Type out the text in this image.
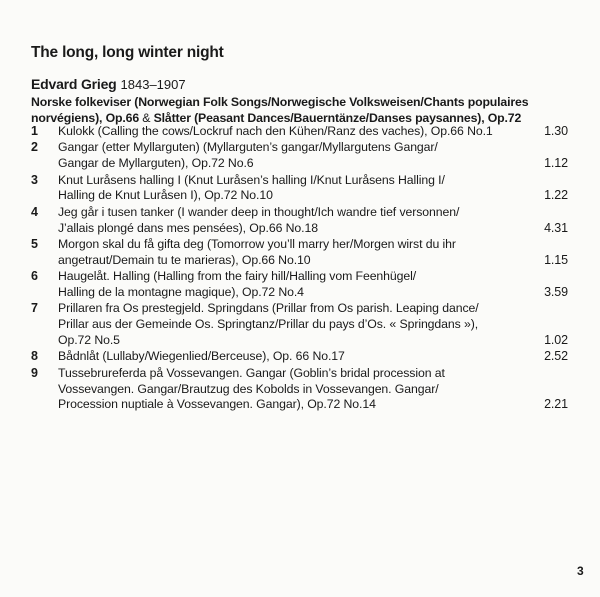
The long, long winter night
Edvard Grieg 1843–1907
Norske folkeviser (Norwegian Folk Songs/Norwegische Volksweisen/Chants populaires
norvégiens), Op.66 & Slåtter (Peasant Dances/Bauerntänze/Danses paysannes), Op.72
1	Kulokk (Calling the cows/Lockruf nach den Kühen/Ranz des vaches), Op.66 No.1	1.30
2	Gangar (etter Myllarguten) (Myllarguten’s gangar/Myllargutens Gangar/
Gangar de Myllarguten), Op.72 No.6	1.12
3	Knut Luråsens halling I (Knut Luråsen’s halling I/Knut Luråsens Halling I/
Halling de Knut Luråsen I), Op.72 No.10	1.22
4	Jeg går i tusen tanker (I wander deep in thought/Ich wandre tief versonnen/
J’allais plongé dans mes pensées), Op.66 No.18	4.31
5	Morgon skal du få gifta deg (Tomorrow you’ll marry her/Morgen wirst du ihr
angetraut/Demain tu te marieras), Op.66 No.10	1.15
6	Haugelåt. Halling (Halling from the fairy hill/Halling vom Feenhügel/
Halling de la montagne magique), Op.72 No.4	3.59
7	Prillaren fra Os prestegjeld. Springdans (Prillar from Os parish. Leaping dance/
Prillar aus der Gemeinde Os. Springtanz/Prillar du pays d’Os. « Springdans »),
Op.72 No.5	1.02
8	Bådnlåt (Lullaby/Wiegenlied/Berceuse), Op. 66 No.17	2.52
9	Tussebrureferda på Vossevangen. Gangar (Goblin’s bridal procession at
Vossevangen. Gangar/Brautzug des Kobolds in Vossevangen. Gangar/
Procession nuptiale à Vossevangen. Gangar), Op.72 No.14	2.21
3
